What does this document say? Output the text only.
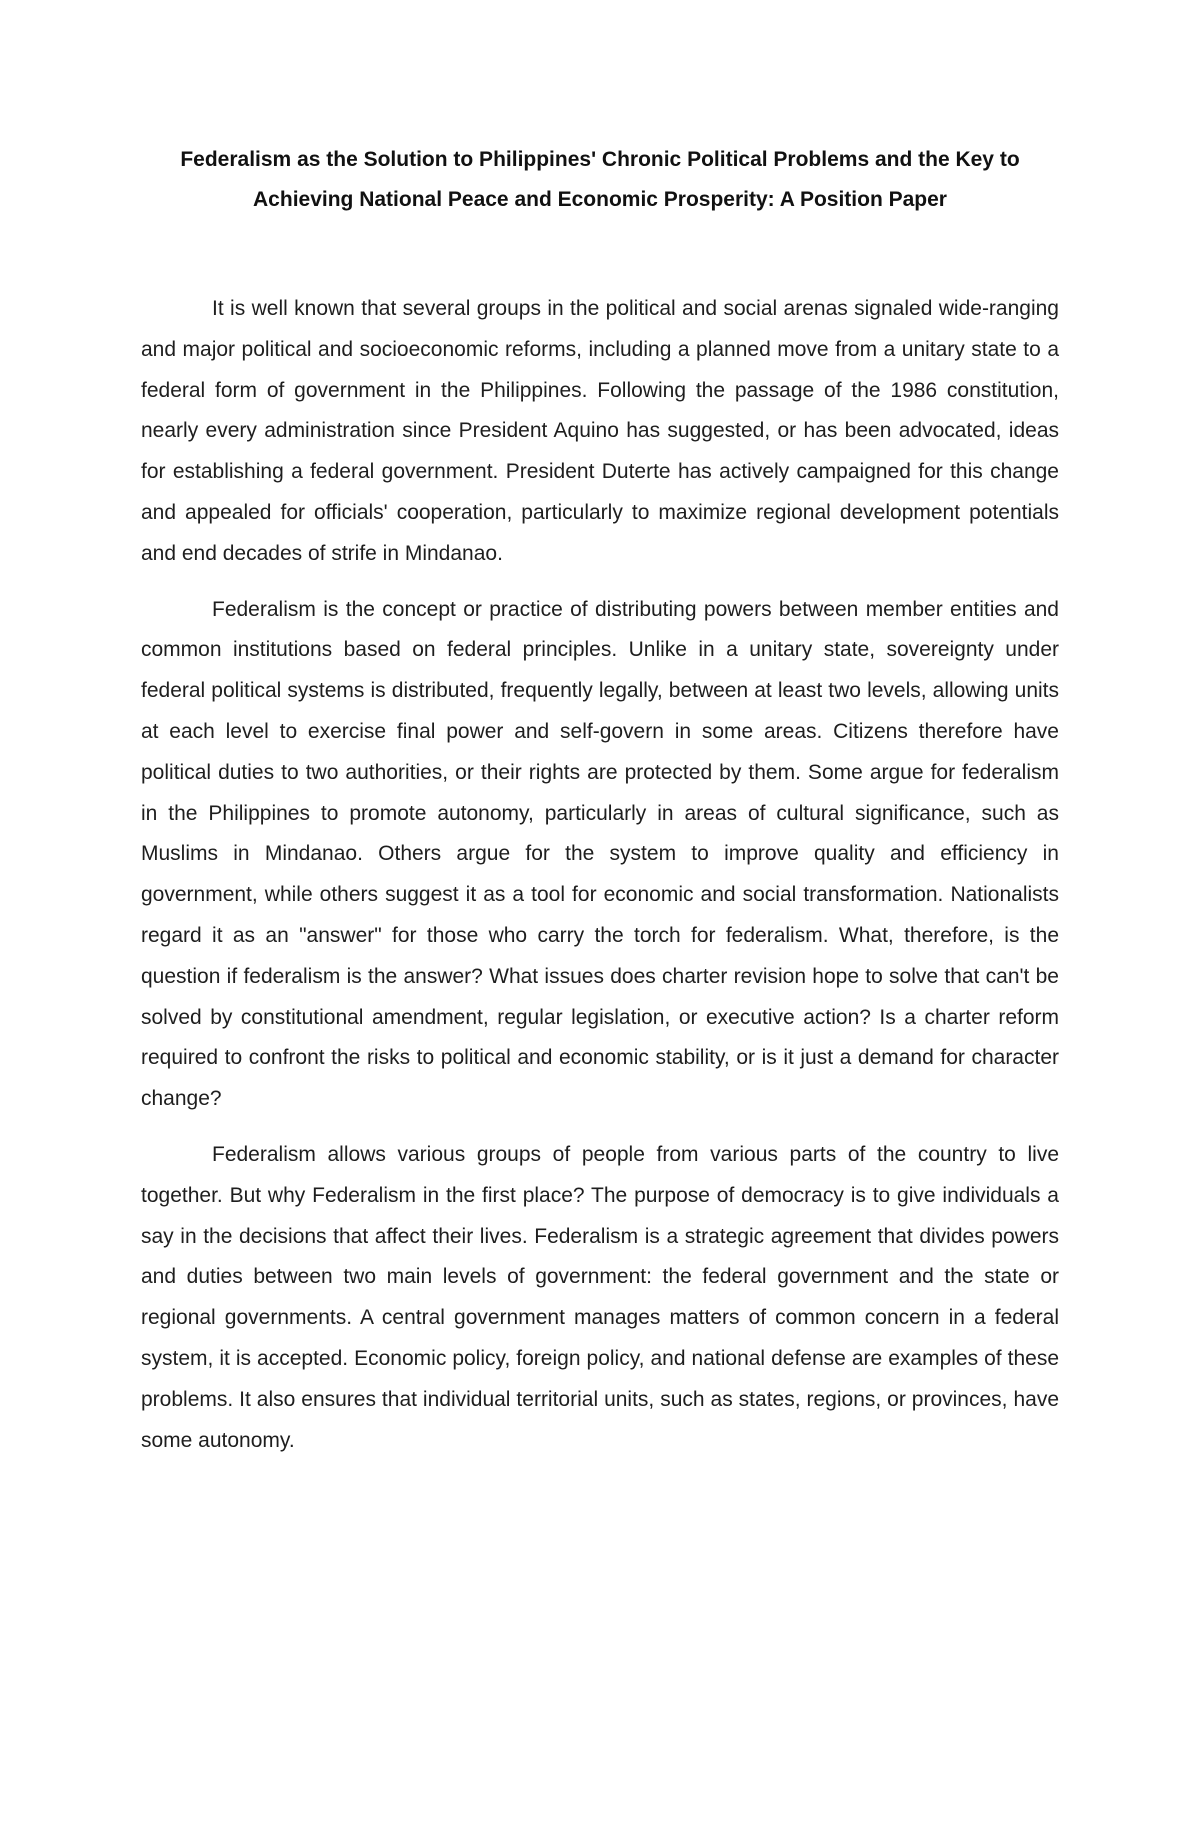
Federalism as the Solution to Philippines' Chronic Political Problems and the Key to Achieving National Peace and Economic Prosperity: A Position Paper

It is well known that several groups in the political and social arenas signaled wide-ranging and major political and socioeconomic reforms, including a planned move from a unitary state to a federal form of government in the Philippines. Following the passage of the 1986 constitution, nearly every administration since President Aquino has suggested, or has been advocated, ideas for establishing a federal government. President Duterte has actively campaigned for this change and appealed for officials' cooperation, particularly to maximize regional development potentials and end decades of strife in Mindanao.

Federalism is the concept or practice of distributing powers between member entities and common institutions based on federal principles. Unlike in a unitary state, sovereignty under federal political systems is distributed, frequently legally, between at least two levels, allowing units at each level to exercise final power and self-govern in some areas. Citizens therefore have political duties to two authorities, or their rights are protected by them. Some argue for federalism in the Philippines to promote autonomy, particularly in areas of cultural significance, such as Muslims in Mindanao. Others argue for the system to improve quality and efficiency in government, while others suggest it as a tool for economic and social transformation. Nationalists regard it as an "answer" for those who carry the torch for federalism. What, therefore, is the question if federalism is the answer? What issues does charter revision hope to solve that can't be solved by constitutional amendment, regular legislation, or executive action? Is a charter reform required to confront the risks to political and economic stability, or is it just a demand for character change?

Federalism allows various groups of people from various parts of the country to live together. But why Federalism in the first place? The purpose of democracy is to give individuals a say in the decisions that affect their lives. Federalism is a strategic agreement that divides powers and duties between two main levels of government: the federal government and the state or regional governments. A central government manages matters of common concern in a federal system, it is accepted. Economic policy, foreign policy, and national defense are examples of these problems. It also ensures that individual territorial units, such as states, regions, or provinces, have some autonomy.
